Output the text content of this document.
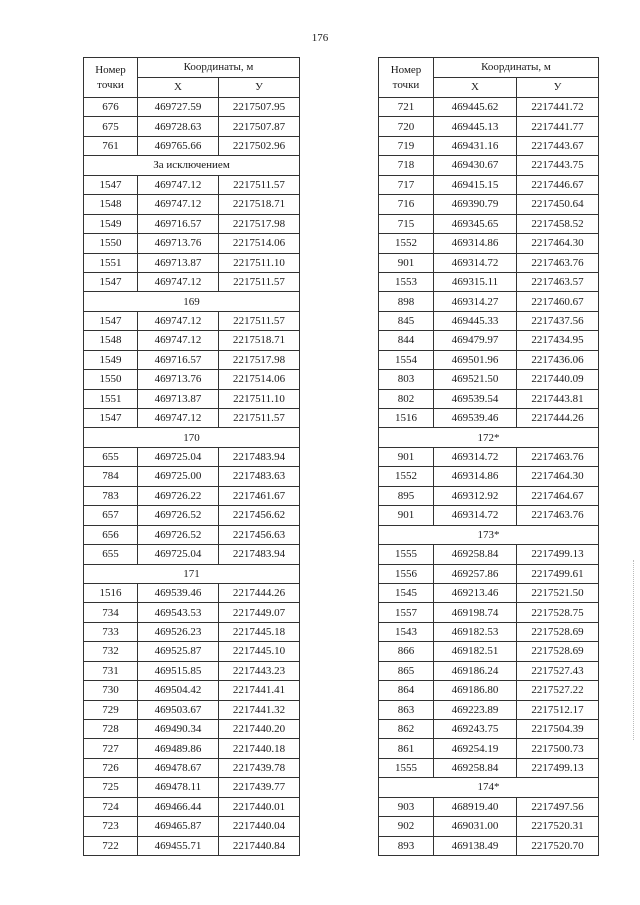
176
Номер точки	Координаты, м	
	Х	У
676	469727.59	2217507.95
675	469728.63	2217507.87
761	469765.66	2217502.96
За исключением		
1547	469747.12	2217511.57
1548	469747.12	2217518.71
1549	469716.57	2217517.98
1550	469713.76	2217514.06
1551	469713.87	2217511.10
1547	469747.12	2217511.57
169		
1547	469747.12	2217511.57
1548	469747.12	2217518.71
1549	469716.57	2217517.98
1550	469713.76	2217514.06
1551	469713.87	2217511.10
1547	469747.12	2217511.57
170		
655	469725.04	2217483.94
784	469725.00	2217483.63
783	469726.22	2217461.67
657	469726.52	2217456.62
656	469726.52	2217456.63
655	469725.04	2217483.94
171		
1516	469539.46	2217444.26
734	469543.53	2217449.07
733	469526.23	2217445.18
732	469525.87	2217445.10
731	469515.85	2217443.23
730	469504.42	2217441.41
729	469503.67	2217441.32
728	469490.34	2217440.20
727	469489.86	2217440.18
726	469478.67	2217439.78
725	469478.11	2217439.77
724	469466.44	2217440.01
723	469465.87	2217440.04
722	469455.71	2217440.84
Номер точки	Координаты, м	
	Х	У
721	469445.62	2217441.72
720	469445.13	2217441.77
719	469431.16	2217443.67
718	469430.67	2217443.75
717	469415.15	2217446.67
716	469390.79	2217450.64
715	469345.65	2217458.52
1552	469314.86	2217464.30
901	469314.72	2217463.76
1553	469315.11	2217463.57
898	469314.27	2217460.67
845	469445.33	2217437.56
844	469479.97	2217434.95
1554	469501.96	2217436.06
803	469521.50	2217440.09
802	469539.54	2217443.81
1516	469539.46	2217444.26
172*		
901	469314.72	2217463.76
1552	469314.86	2217464.30
895	469312.92	2217464.67
901	469314.72	2217463.76
173*		
1555	469258.84	2217499.13
1556	469257.86	2217499.61
1545	469213.46	2217521.50
1557	469198.74	2217528.75
1543	469182.53	2217528.69
866	469182.51	2217528.69
865	469186.24	2217527.43
864	469186.80	2217527.22
863	469223.89	2217512.17
862	469243.75	2217504.39
861	469254.19	2217500.73
1555	469258.84	2217499.13
174*		
903	468919.40	2217497.56
902	469031.00	2217520.31
893	469138.49	2217520.70
